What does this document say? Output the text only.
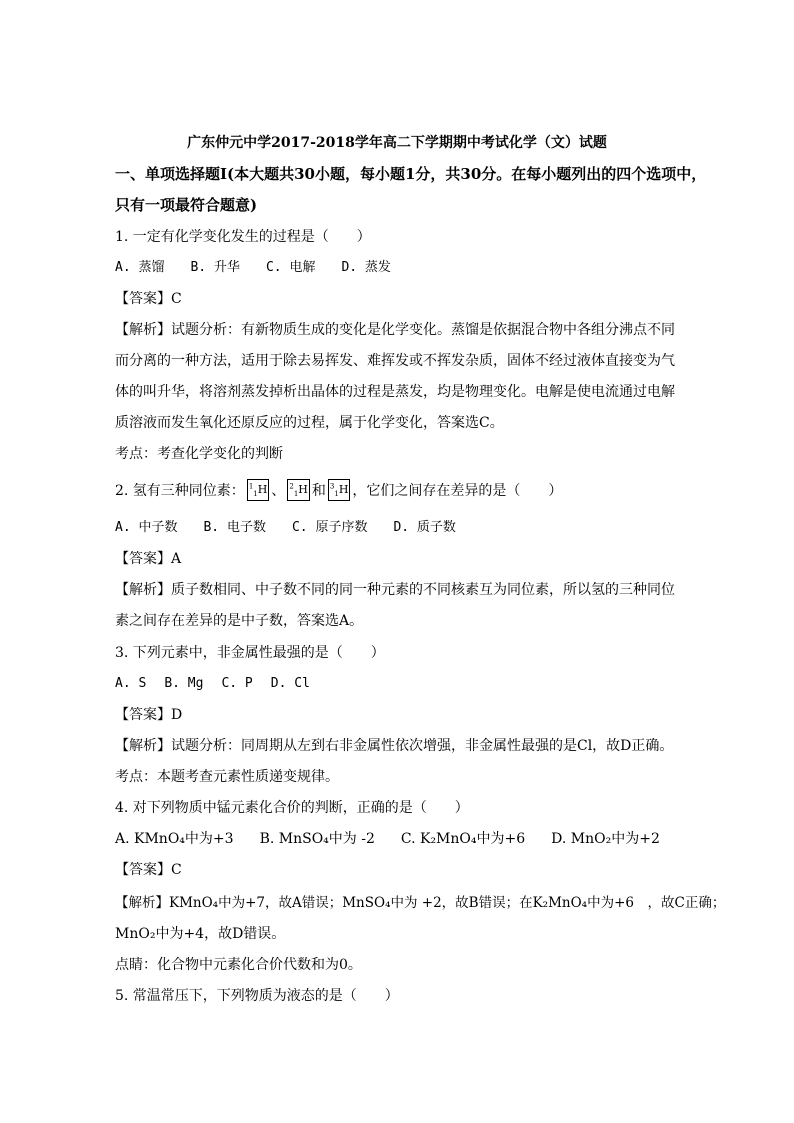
广东仲元中学2017-2018学年高二下学期期中考试化学（文）试题
一、单项选择题Ⅰ(本大题共30小题，每小题1分，共30分。在每小题列出的四个选项中，
只有一项最符合题意)
1. 一定有化学变化发生的过程是（　　）
A. 蒸馏 B. 升华 C. 电解 D. 蒸发
【答案】C
【解析】试题分析：有新物质生成的变化是化学变化。蒸馏是依据混合物中各组分沸点不同
而分离的一种方法，适用于除去易挥发、难挥发或不挥发杂质，固体不经过液体直接变为气
体的叫升华，将溶剂蒸发掉析出晶体的过程是蒸发，均是物理变化。电解是使电流通过电解
质溶液而发生氧化还原反应的过程，属于化学变化，答案选C。
考点：考查化学变化的判断
2. 氢有三种同位素： $^1_1$H 、 $^2_1$H 和 $^3_1$H ，它们之间存在差异的是（　　）
A. 中子数 B. 电子数 C. 原子序数 D. 质子数
【答案】A
【解析】质子数相同、中子数不同的同一种元素的不同核素互为同位素，所以氢的三种同位
素之间存在差异的是中子数，答案选A。
3. 下列元素中，非金属性最强的是（　　）
A. S B. Mg C. P D. Cl
【答案】D
【解析】试题分析：同周期从左到右非金属性依次增强，非金属性最强的是Cl，故D正确。
考点：本题考查元素性质递变规律。
4. 对下列物质中锰元素化合价的判断，正确的是（　　）
A. KMnO₄中为+3 B. MnSO₄中为 -2 C. K₂MnO₄中为+6 D. MnO₂中为+2
【答案】C
【解析】KMnO₄中为+7，故A错误；MnSO₄中为 +2，故B错误；在K₂MnO₄中为+6　，故C正确；
MnO₂中为+4，故D错误。
点睛：化合物中元素化合价代数和为0。
5. 常温常压下，下列物质为液态的是（　　）
